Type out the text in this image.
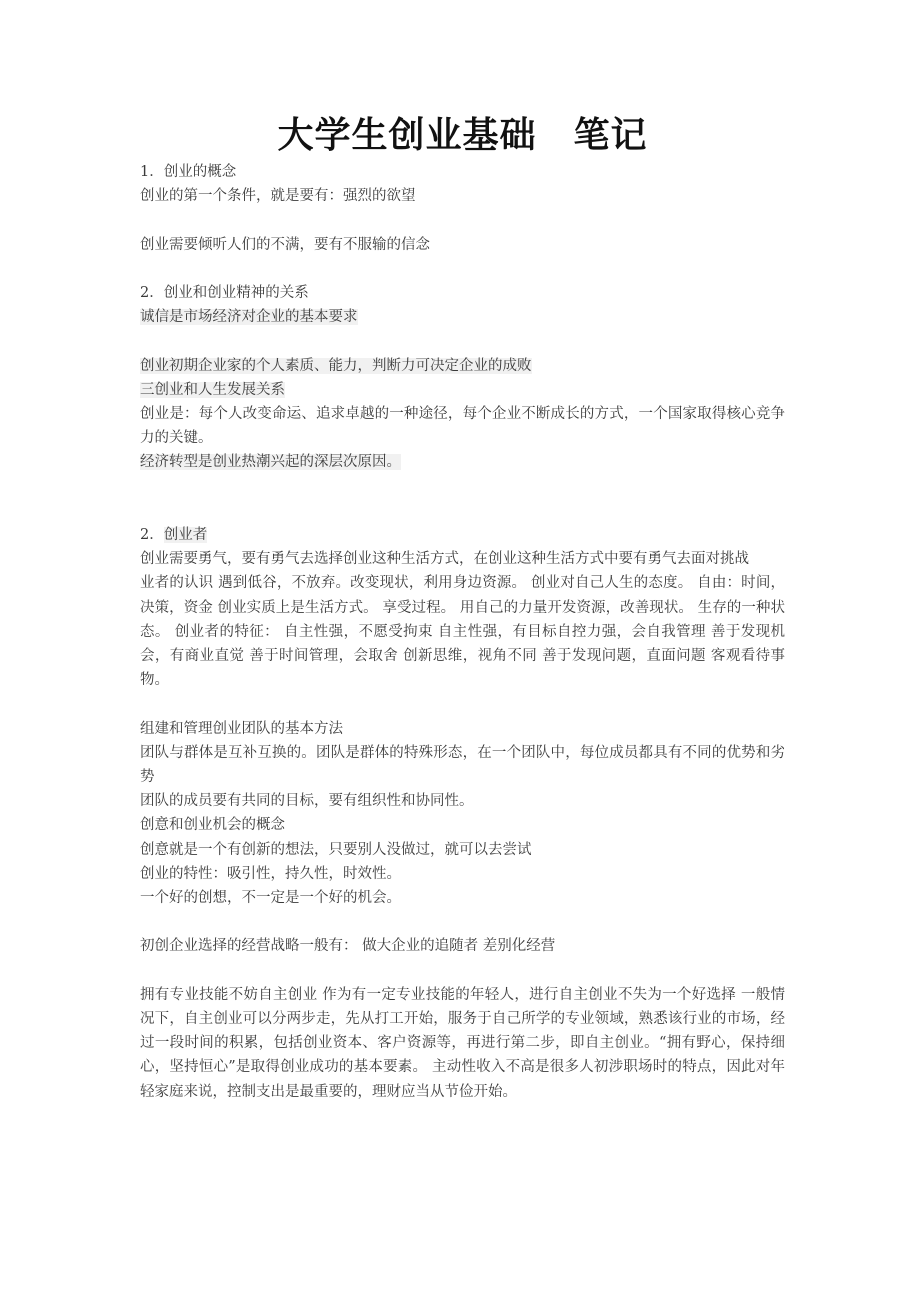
大学生创业基础　笔记
1．创业的概念
创业的第一个条件，就是要有：强烈的欲望
创业需要倾听人们的不满，要有不服输的信念
2．创业和创业精神的关系
诚信是市场经济对企业的基本要求
创业初期企业家的个人素质、能力，判断力可决定企业的成败
三创业和人生发展关系
创业是：每个人改变命运、追求卓越的一种途径，每个企业不断成长的方式，一个国家取得核心竞争力的关键。
经济转型是创业热潮兴起的深层次原因。
2．创业者
创业需要勇气，要有勇气去选择创业这种生活方式，在创业这种生活方式中要有勇气去面对挑战
业者的认识 遇到低谷，不放弃。改变现状，利用身边资源。 创业对自己人生的态度。 自由：时间，决策，资金 创业实质上是生活方式。 享受过程。 用自己的力量开发资源，改善现状。 生存的一种状态。 创业者的特征： 自主性强，不愿受拘束 自主性强，有目标自控力强，会自我管理 善于发现机会，有商业直觉 善于时间管理，会取舍 创新思维，视角不同 善于发现问题，直面问题 客观看待事物。
组建和管理创业团队的基本方法
团队与群体是互补互换的。团队是群体的特殊形态，在一个团队中，每位成员都具有不同的优势和劣势
团队的成员要有共同的目标，要有组织性和协同性。
创意和创业机会的概念
创意就是一个有创新的想法，只要别人没做过，就可以去尝试
创业的特性：吸引性，持久性，时效性。
一个好的创想，不一定是一个好的机会。
初创企业选择的经营战略一般有： 做大企业的追随者 差别化经营
拥有专业技能不妨自主创业 作为有一定专业技能的年轻人，进行自主创业不失为一个好选择 一般情况下，自主创业可以分两步走，先从打工开始，服务于自己所学的专业领域，熟悉该行业的市场，经过一段时间的积累，包括创业资本、客户资源等，再进行第二步，即自主创业。“拥有野心，保持细心，坚持恒心”是取得创业成功的基本要素。 主动性收入不高是很多人初涉职场时的特点，因此对年轻家庭来说，控制支出是最重要的，理财应当从节俭开始。
